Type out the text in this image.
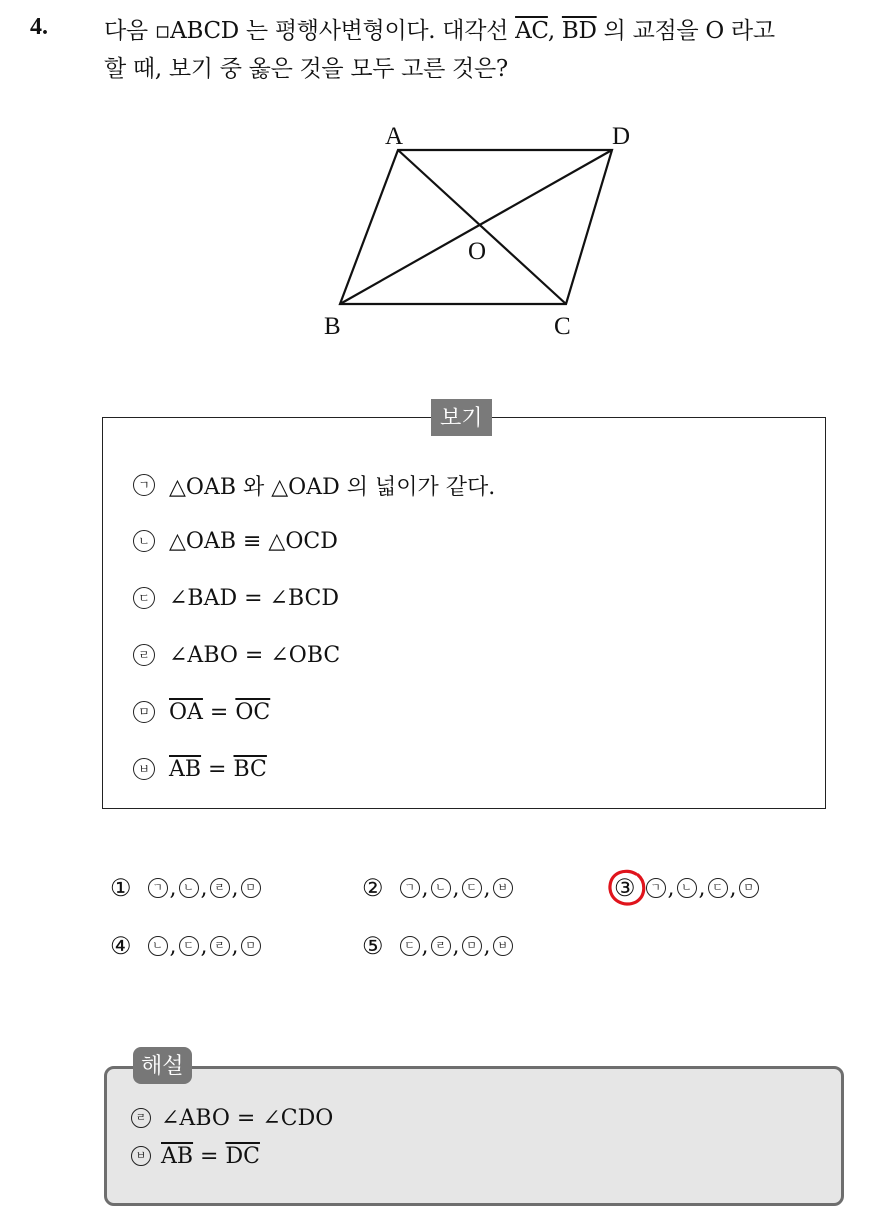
4. 다음 ▫ABCD 는 평행사변형이다. 대각선 $\overline{AC}$, $\overline{BD}$ 의 교점을 O 라고
할 때, 보기 중 옳은 것을 모두 고른 것은?
A	D
B	C
O
보기
ㄱ △OAB 와 △OAD 의 넓이가 같다.
ㄴ △OAB ≡ △OCD
ㄷ ∠BAD = ∠BCD
ㄹ ∠ABO = ∠OBC
ㅁ $\overline{OA} = \overline{OC}$
ㅂ $\overline{AB} = \overline{BC}$
①	ㄱ , ㄴ , ㄹ , ㅁ	②	ㄱ , ㄴ , ㄷ , ㅂ	③	ㄱ , ㄴ , ㄷ , ㅁ
④	ㄴ , ㄷ , ㄹ , ㅁ	⑤	ㄷ , ㄹ , ㅁ , ㅂ
해설
ㄹ ∠ABO = ∠CDO
ㅂ $\overline{AB} = \overline{DC}$
